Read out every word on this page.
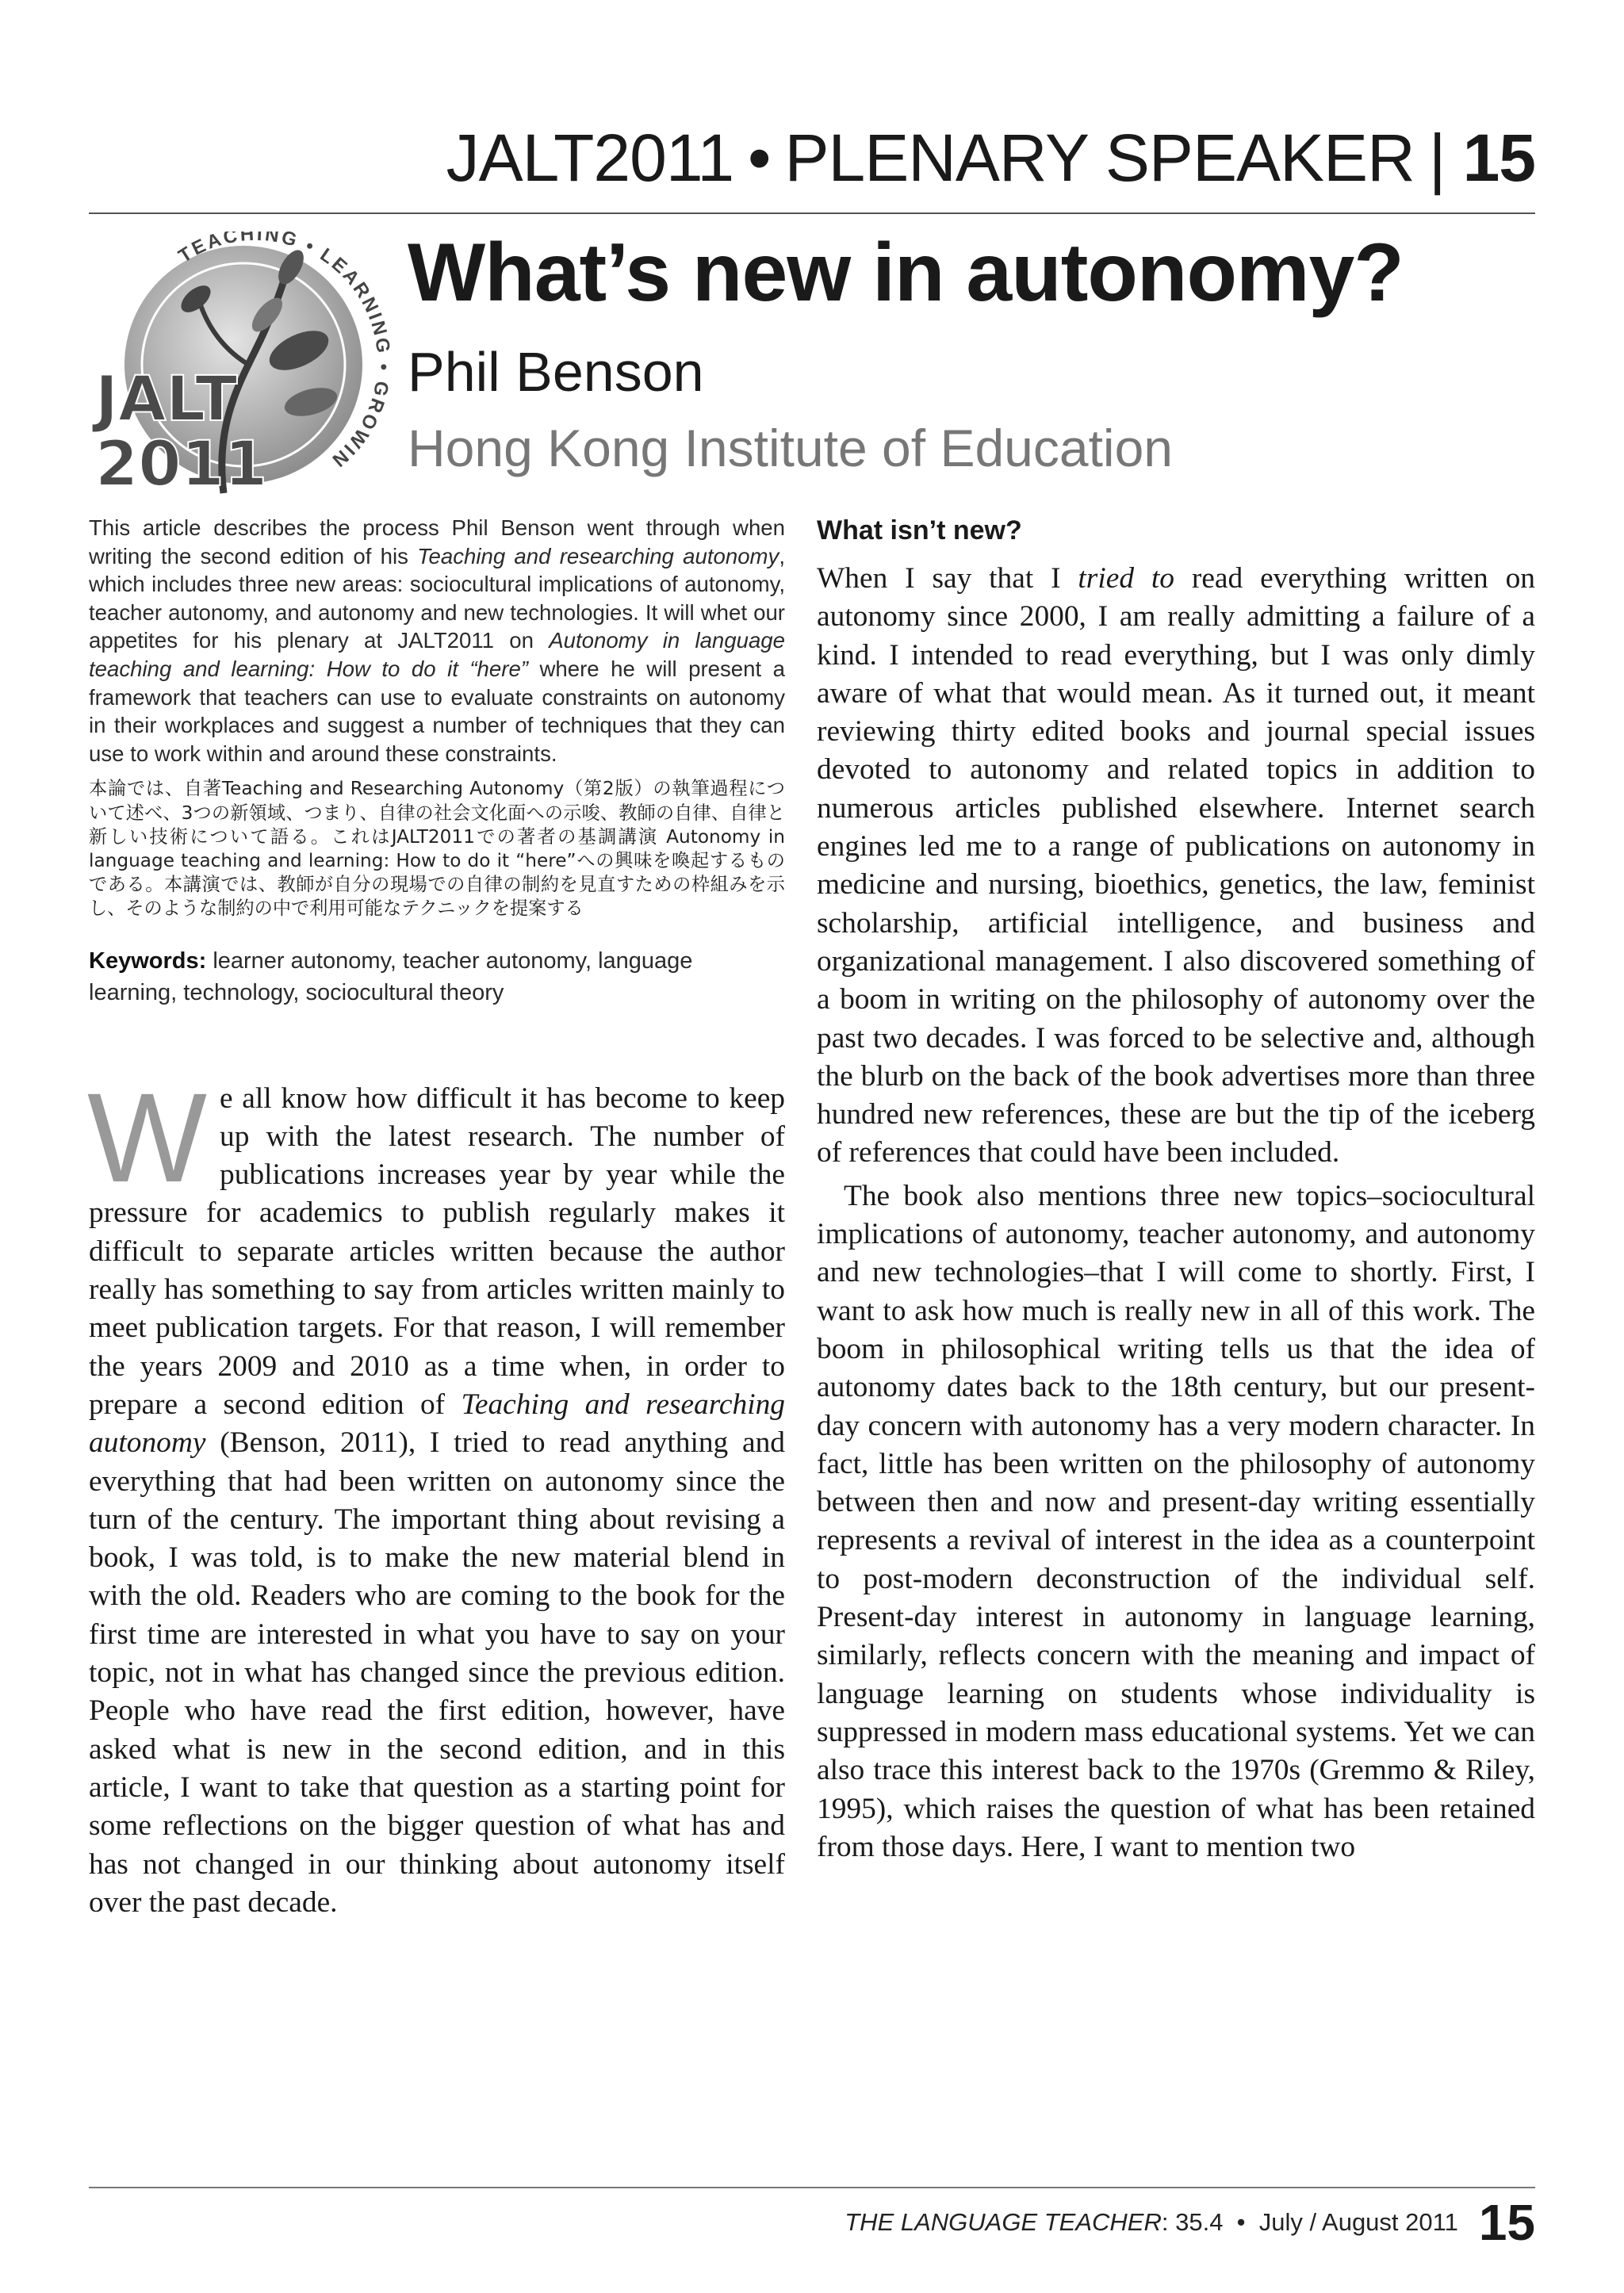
JALT2011 • PLENARY SPEAKER | 15
TEACHING • LEARNING • GROWIN
JALT
2011
What’s new in autonomy?
Phil Benson
Hong Kong Institute of Education
This article describes the process Phil Benson went through when writing the second edition of his Teaching and researching autonomy, which includes three new areas: sociocultural implications of autonomy, teacher autonomy, and autonomy and new technologies. It will whet our appetites for his plenary at JALT2011 on Autonomy in language teaching and learning: How to do it “here” where he will present a framework that teachers can use to evaluate constraints on autonomy in their workplaces and suggest a number of techniques that they can use to work within and around these constraints.
本論では、自著Teaching and Researching Autonomy（第2版）の執筆過程について述べ、3つの新領域、つまり、自律の社会文化面への示唆、教師の自律、自律と新しい技術について語る。これはJALT2011での著者の基調講演 Autonomy in language teaching and learning: How to do it “here”への興味を喚起するものである。本講演では、教師が自分の現場での自律の制約を見直すための枠組みを示し、そのような制約の中で利用可能なテクニックを提案する
Keywords: learner autonomy, teacher autonomy, language learning, technology, sociocultural theory
We all know how difficult it has become to keep up with the latest research. The number of publications increases year by year while the pressure for academics to publish regularly makes it difficult to separate articles written because the author really has something to say from articles written mainly to meet publication targets. For that reason, I will remember the years 2009 and 2010 as a time when, in order to prepare a second edition of Teaching and researching autonomy (Benson, 2011), I tried to read anything and everything that had been written on autonomy since the turn of the century. The important thing about revising a book, I was told, is to make the new material blend in with the old. Readers who are coming to the book for the first time are interested in what you have to say on your topic, not in what has changed since the previous edition. People who have read the first edition, however, have asked what is new in the second edition, and in this article, I want to take that question as a starting point for some reflections on the bigger question of what has and has not changed in our thinking about autonomy itself over the past decade.
What isn’t new?
When I say that I tried to read everything written on autonomy since 2000, I am really admitting a failure of a kind. I intended to read everything, but I was only dimly aware of what that would mean. As it turned out, it meant reviewing thirty edited books and journal special issues devoted to autonomy and related topics in addition to numerous articles published elsewhere. Internet search engines led me to a range of publications on autonomy in medicine and nursing, bioethics, genetics, the law, feminist scholarship, artificial intelligence, and business and organizational management. I also discovered something of a boom in writing on the philosophy of autonomy over the past two decades. I was forced to be selective and, although the blurb on the back of the book advertises more than three hundred new references, these are but the tip of the iceberg of references that could have been included.
The book also mentions three new topics–sociocultural implications of autonomy, teacher autonomy, and autonomy and new technologies–that I will come to shortly. First, I want to ask how much is really new in all of this work. The boom in philosophical writing tells us that the idea of autonomy dates back to the 18th century, but our present-day concern with autonomy has a very modern character. In fact, little has been written on the philosophy of autonomy between then and now and present-day writing essentially represents a revival of interest in the idea as a counterpoint to post-modern deconstruction of the individual self. Present-day interest in autonomy in language learning, similarly, reflects concern with the meaning and impact of language learning on students whose individuality is suppressed in modern mass educational systems. Yet we can also trace this interest back to the 1970s (Gremmo & Riley, 1995), which raises the question of what has been retained from those days. Here, I want to mention two
THE LANGUAGE TEACHER: 35.4 • July / August 2011 15
